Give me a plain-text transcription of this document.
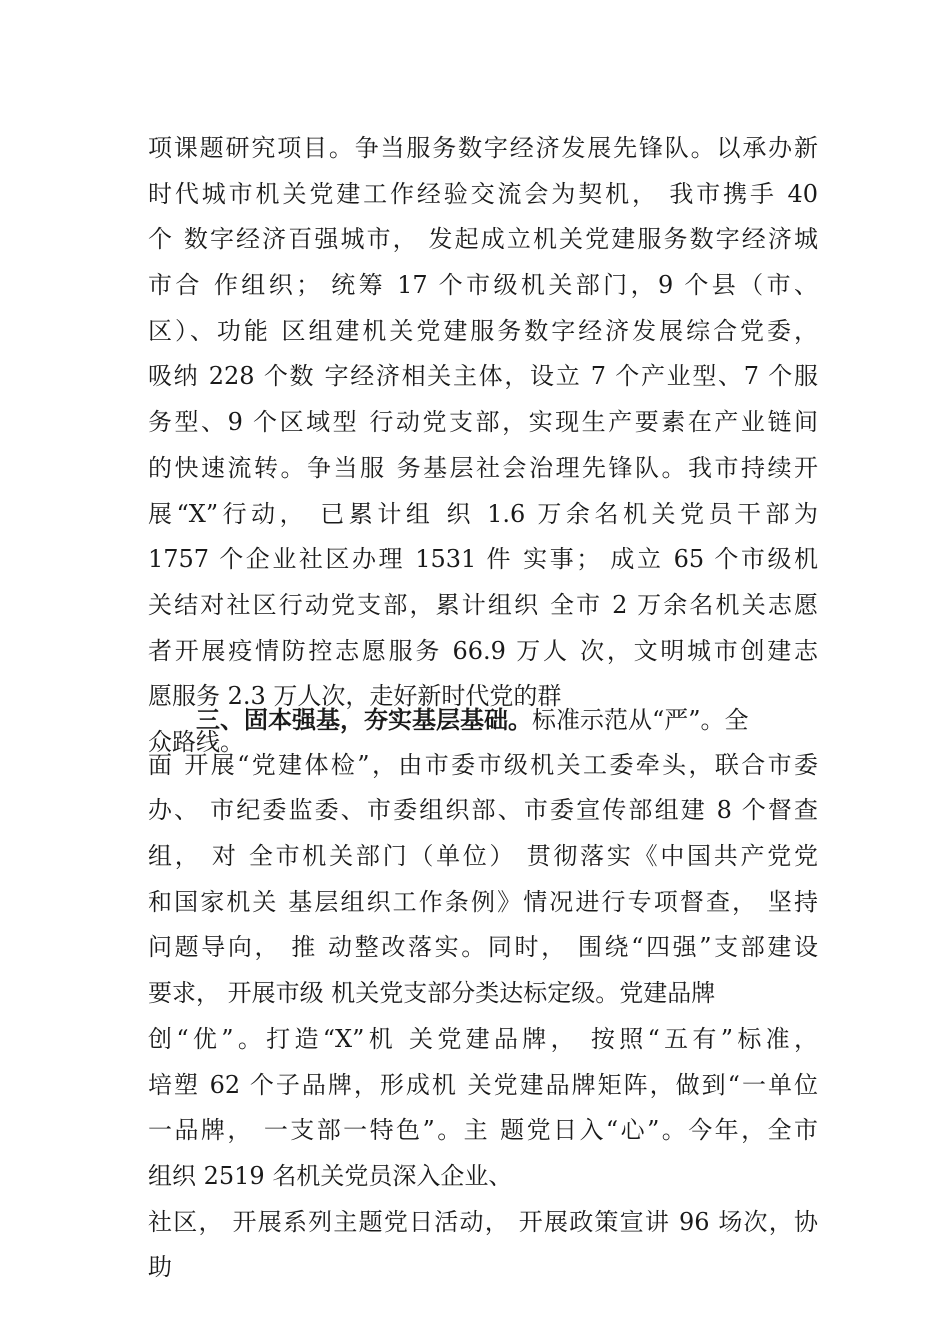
项课题研究项目。争当服务数字经济发展先锋队。以承办新
时代城市机关党建工作经验交流会为契机， 我市携手 40
个 数字经济百强城市， 发起成立机关党建服务数字经济城
市合 作组织； 统筹 17 个市级机关部门，9 个县（市、
区）、功能 区组建机关党建服务数字经济发展综合党委，
吸纳 228 个数 字经济相关主体，设立 7 个产业型、7 个服
务型、9 个区域型 行动党支部，实现生产要素在产业链间
的快速流转。争当服 务基层社会治理先锋队。我市持续开
展“X”行动， 已累计组 织 1.6 万余名机关党员干部为
1757 个企业社区办理 1531 件 实事； 成立 65 个市级机
关结对社区行动党支部，累计组织 全市 2 万余名机关志愿
者开展疫情防控志愿服务 66.9 万人 次，文明城市创建志
愿服务 2.3 万人次，走好新时代党的群
众路线。
三、固本强基，夯实基层基础。标准示范从“严”。全
面 开展“党建体检”，由市委市级机关工委牵头，联合市委
办、 市纪委监委、市委组织部、市委宣传部组建 8 个督查
组， 对 全市机关部门（单位） 贯彻落实《中国共产党党
和国家机关 基层组织工作条例》情况进行专项督查， 坚持
问题导向， 推 动整改落实。同时， 围绕“四强”支部建设
要求， 开展市级 机关党支部分类达标定级。党建品牌
创“优”。打造“X”机 关党建品牌， 按照“五有”标准，
培塑 62 个子品牌，形成机 关党建品牌矩阵，做到“一单位
一品牌， 一支部一特色”。主 题党日入“心”。今年，全市
组织 2519 名机关党员深入企业、
社区， 开展系列主题党日活动， 开展政策宣讲 96 场次，协
助
